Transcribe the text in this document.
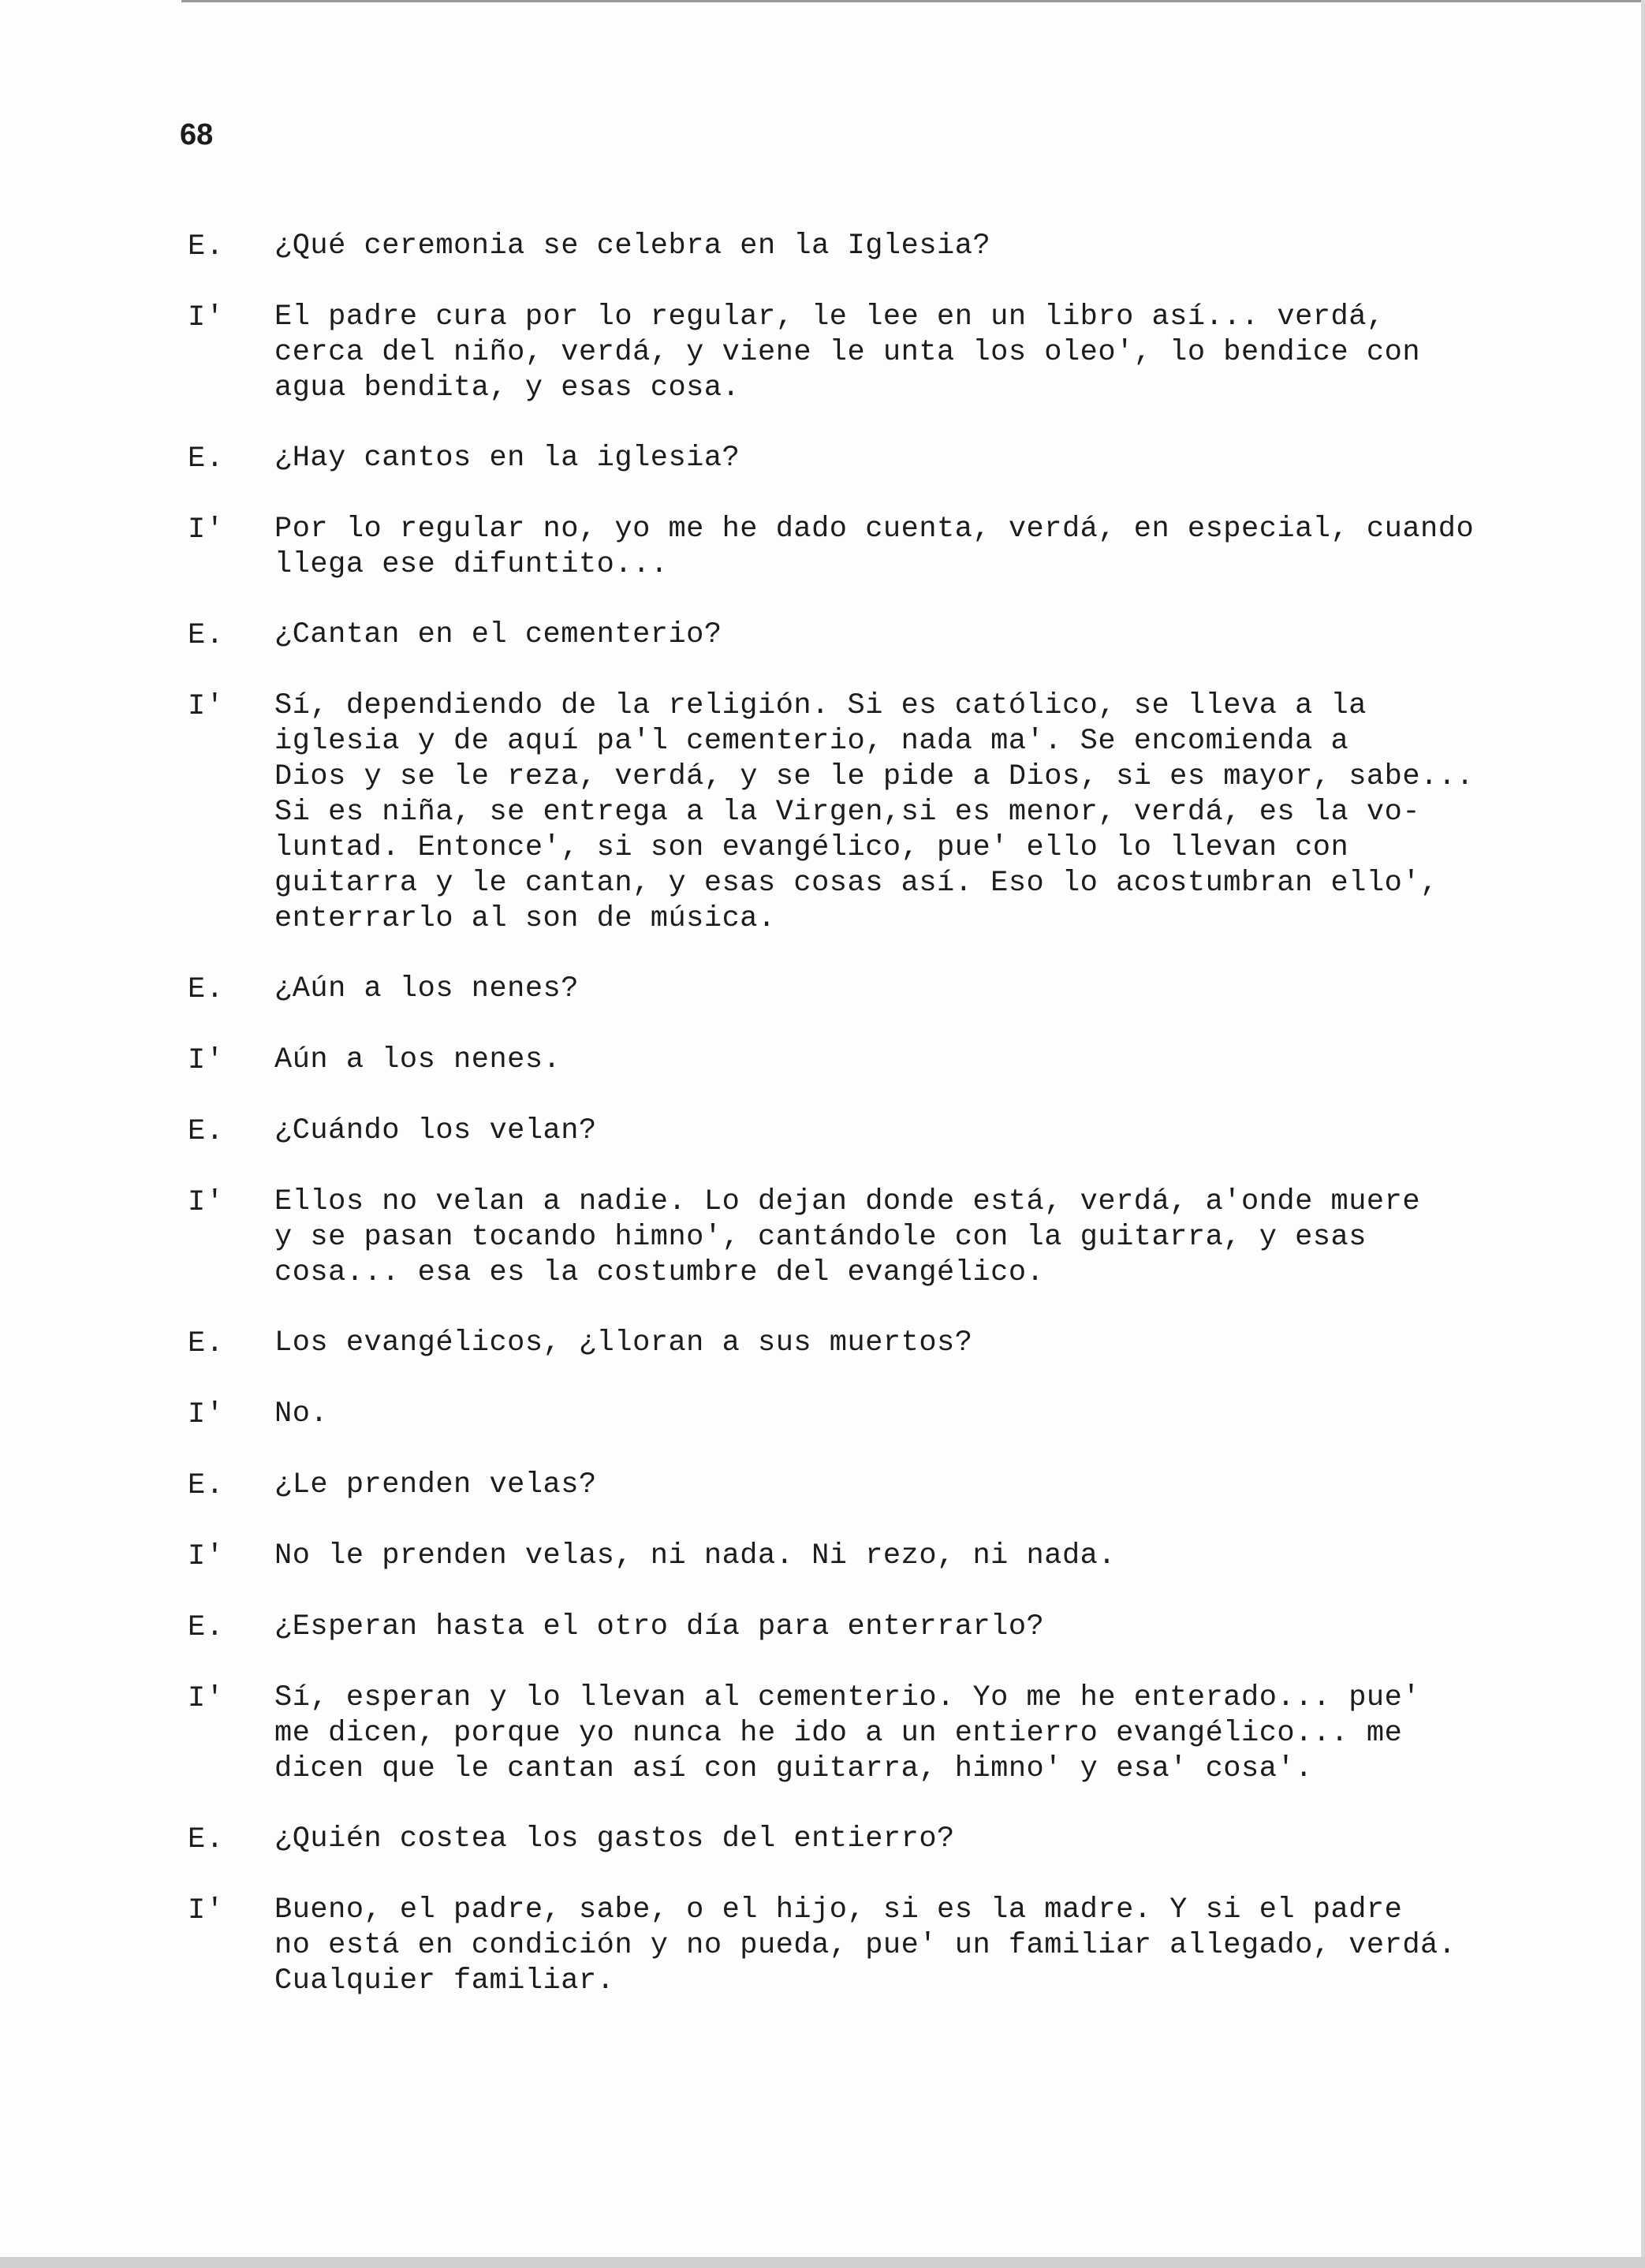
68
E.	¿Qué ceremonia se celebra en la Iglesia?
I'	El padre cura por lo regular, le lee en un libro así... verdá,
cerca del niño, verdá, y viene le unta los oleo', lo bendice con
agua bendita, y esas cosa.
E.	¿Hay cantos en la iglesia?
I'	Por lo regular no, yo me he dado cuenta, verdá, en especial, cuando
llega ese difuntito...
E.	¿Cantan en el cementerio?
I'	Sí, dependiendo de la religión. Si es católico, se lleva a la
iglesia y de aquí pa'l cementerio, nada ma'. Se encomienda a
Dios y se le reza, verdá, y se le pide a Dios, si es mayor, sabe...
Si es niña, se entrega a la Virgen,si es menor, verdá, es la vo-
luntad. Entonce', si son evangélico, pue' ello lo llevan con
guitarra y le cantan, y esas cosas así. Eso lo acostumbran ello',
enterrarlo al son de música.
E.	¿Aún a los nenes?
I'	Aún a los nenes.
E.	¿Cuándo los velan?
I'	Ellos no velan a nadie. Lo dejan donde está, verdá, a'onde muere
y se pasan tocando himno', cantándole con la guitarra, y esas
cosa... esa es la costumbre del evangélico.
E.	Los evangélicos, ¿lloran a sus muertos?
I'	No.
E.	¿Le prenden velas?
I'	No le prenden velas, ni nada. Ni rezo, ni nada.
E.	¿Esperan hasta el otro día para enterrarlo?
I'	Sí, esperan y lo llevan al cementerio. Yo me he enterado... pue'
me dicen, porque yo nunca he ido a un entierro evangélico... me
dicen que le cantan así con guitarra, himno' y esa' cosa'.
E.	¿Quién costea los gastos del entierro?
I'	Bueno, el padre, sabe, o el hijo, si es la madre. Y si el padre
no está en condición y no pueda, pue' un familiar allegado, verdá.
Cualquier familiar.
